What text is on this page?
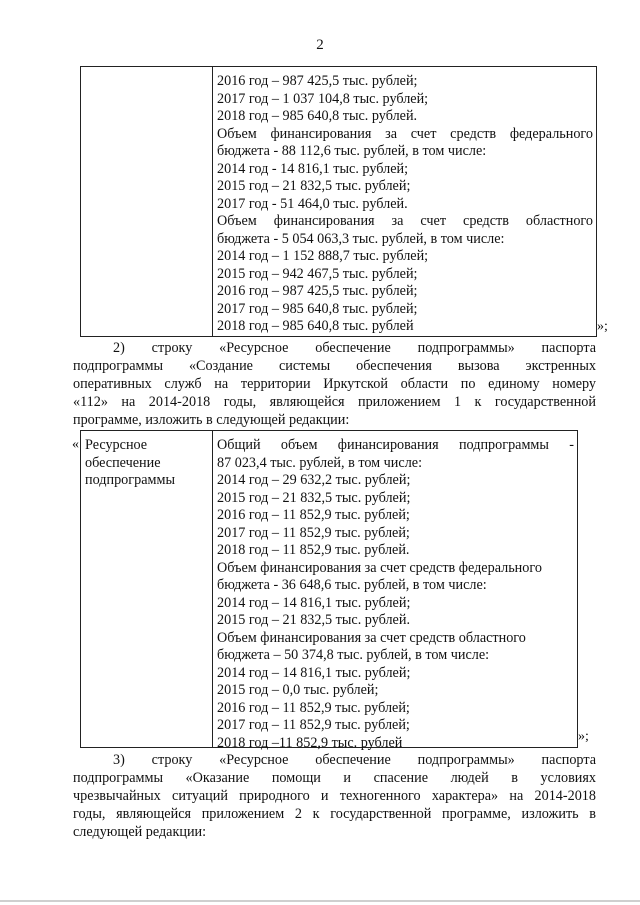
2
2016 год – 987 425,5 тыс. рублей;
2017 год – 1 037 104,8 тыс. рублей;
2018 год – 985 640,8 тыс. рублей.
Объем финансирования за счет средств федерального
бюджета - 88 112,6 тыс. рублей, в том числе:
2014 год - 14 816,1 тыс. рублей;
2015 год – 21 832,5 тыс. рублей;
2017 год - 51 464,0 тыс. рублей.
Объем финансирования за счет средств областного
бюджета - 5 054 063,3 тыс. рублей, в том числе:
2014 год – 1 152 888,7 тыс. рублей;
2015 год – 942 467,5 тыс. рублей;
2016 год – 987 425,5 тыс. рублей;
2017 год – 985 640,8 тыс. рублей;
2018 год – 985 640,8 тыс. рублей	»;
2) строку «Ресурсное обеспечение подпрограммы» паспорта
подпрограммы «Создание системы обеспечения вызова экстренных
оперативных служб на территории Иркутской области по единому номеру
«112» на 2014-2018 годы, являющейся приложением 1 к государственной
программе, изложить в следующей редакции:
« Ресурсное
обеспечение
подпрограммы
Общий объем финансирования подпрограммы -
87 023,4 тыс. рублей, в том числе:
2014 год – 29 632,2 тыс. рублей;
2015 год – 21 832,5 тыс. рублей;
2016 год – 11 852,9 тыс. рублей;
2017 год – 11 852,9 тыс. рублей;
2018 год – 11 852,9 тыс. рублей.
Объем финансирования за счет средств федерального
бюджета - 36 648,6 тыс. рублей, в том числе:
2014 год – 14 816,1 тыс. рублей;
2015 год – 21 832,5 тыс. рублей.
Объем финансирования за счет средств областного
бюджета – 50 374,8 тыс. рублей, в том числе:
2014 год – 14 816,1 тыс. рублей;
2015 год – 0,0 тыс. рублей;
2016 год – 11 852,9 тыс. рублей;
2017 год – 11 852,9 тыс. рублей;
2018 год –11 852,9 тыс. рублей	»;
3) строку «Ресурсное обеспечение подпрограммы» паспорта
подпрограммы «Оказание помощи и спасение людей в условиях
чрезвычайных ситуаций природного и техногенного характера» на 2014-2018
годы, являющейся приложением 2 к государственной программе, изложить в
следующей редакции:
